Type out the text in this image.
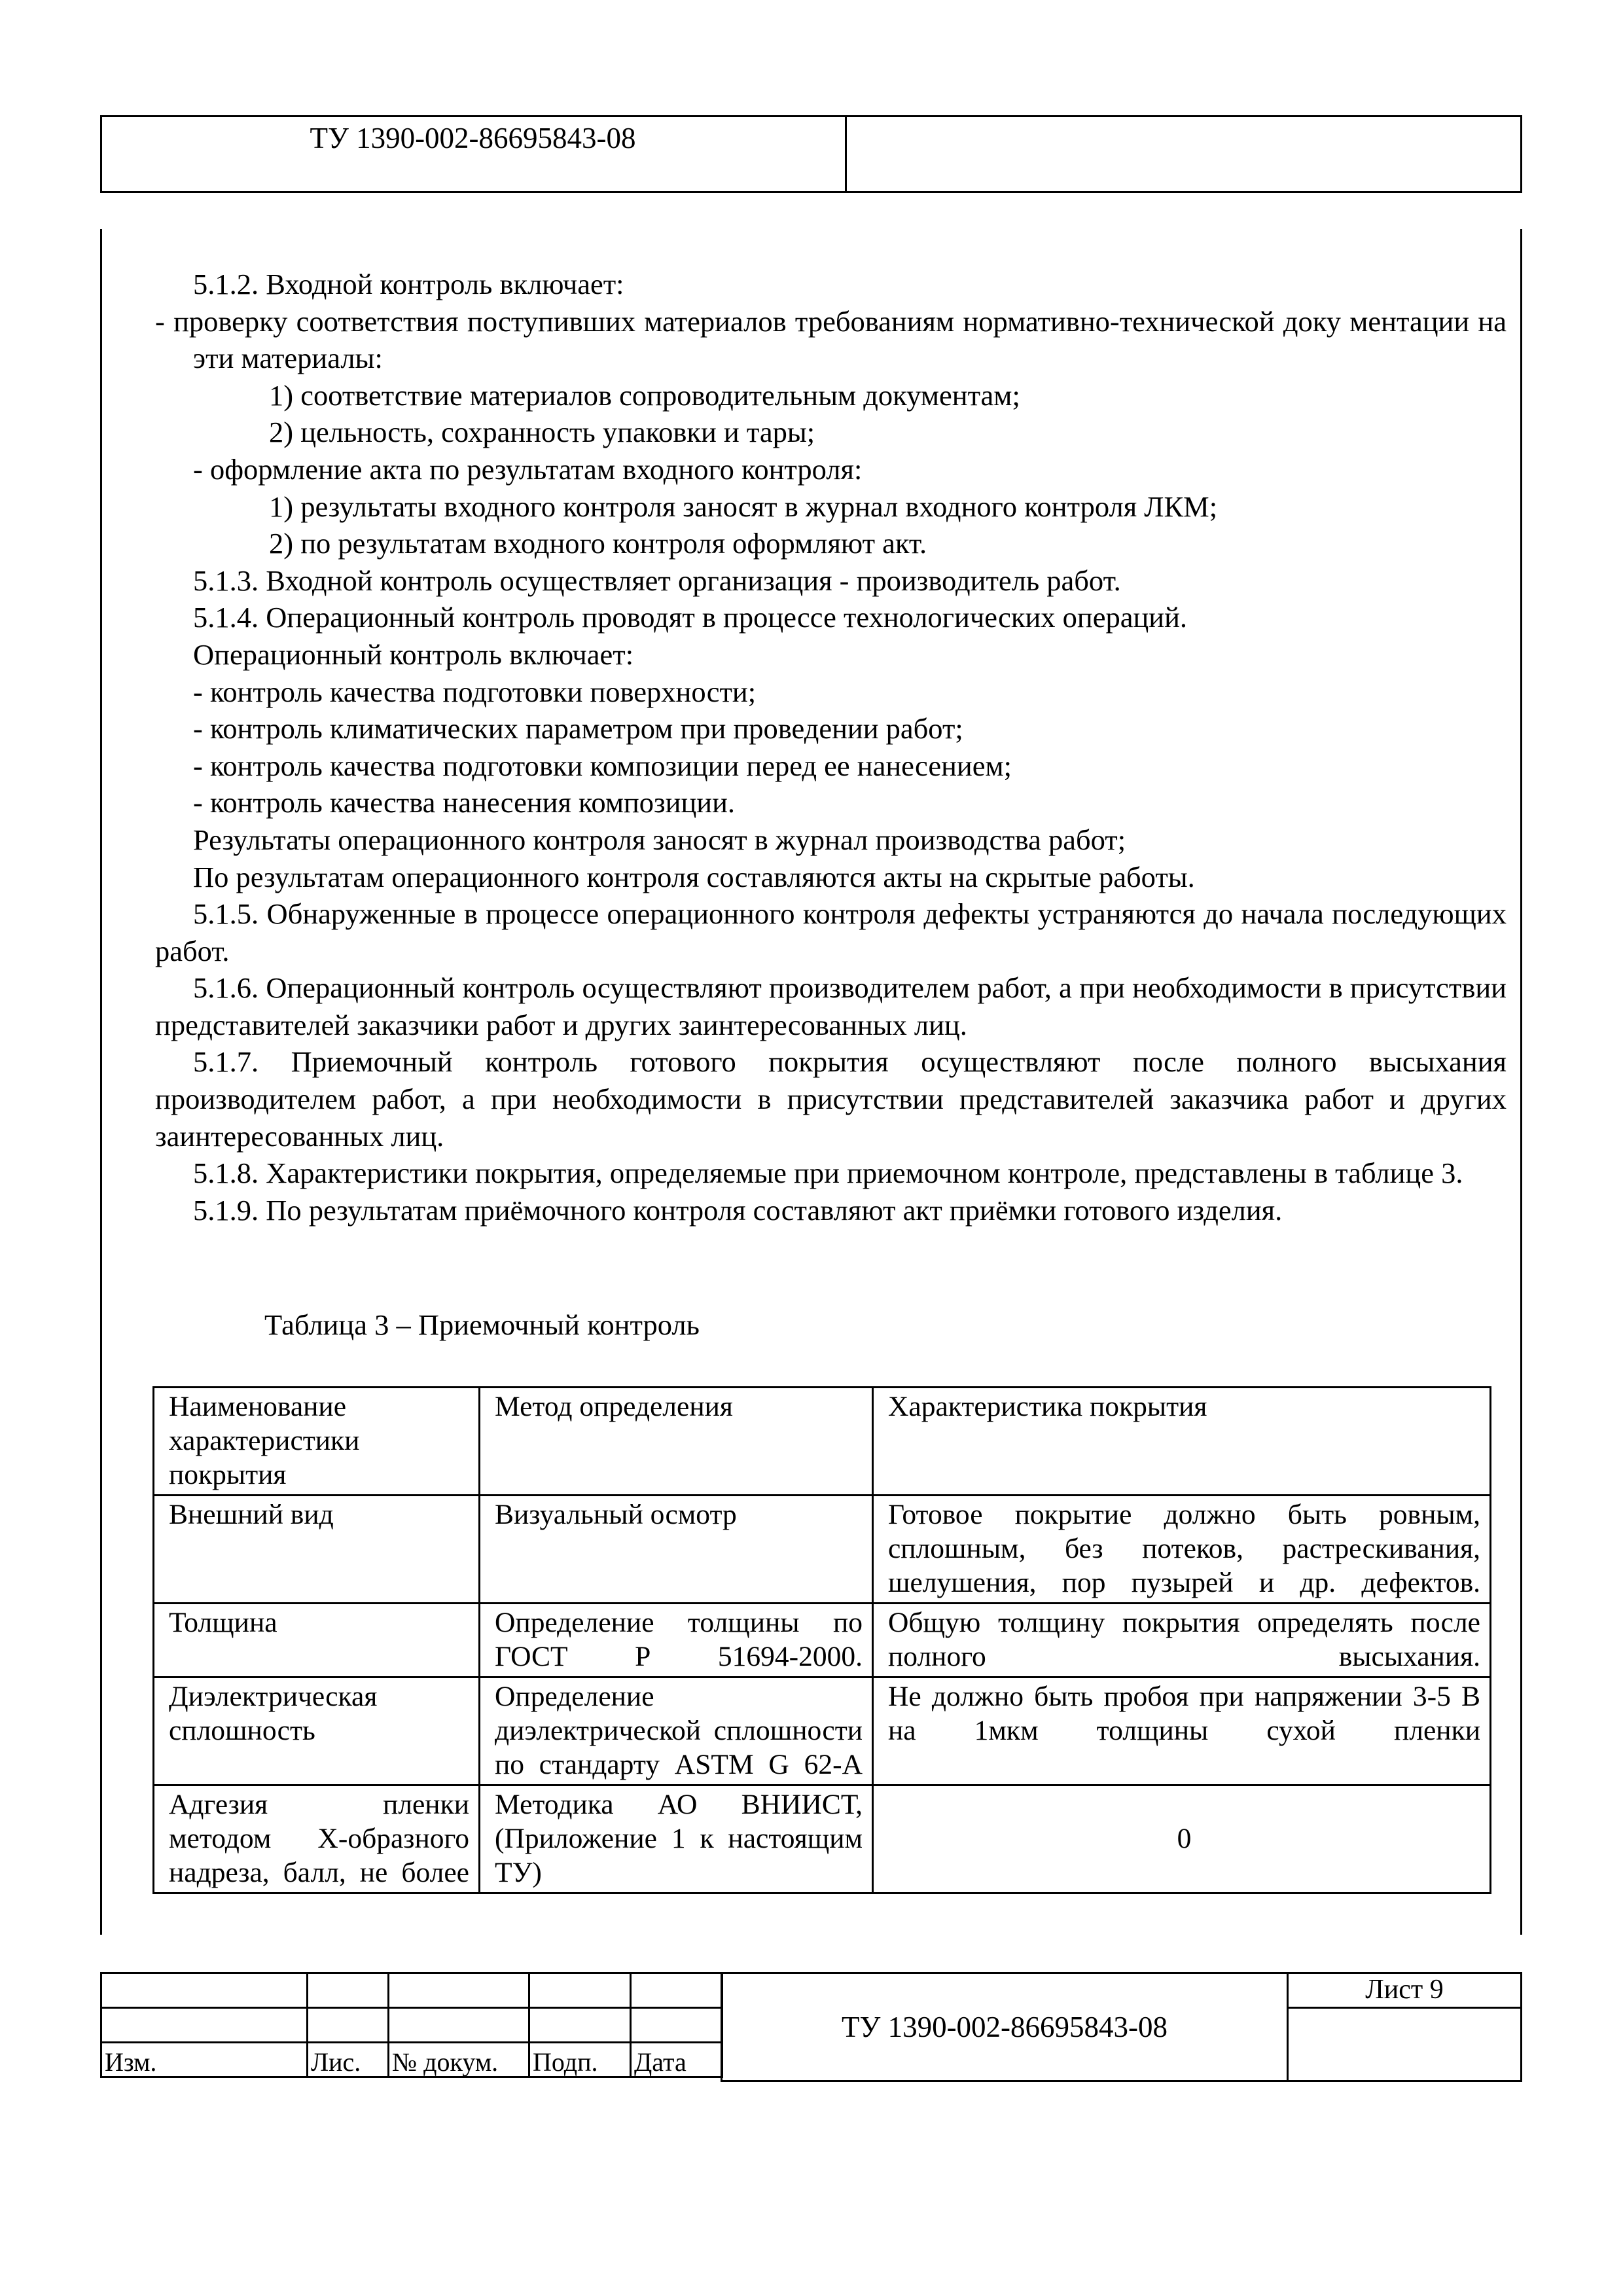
ТУ 1390-002-86695843-08

5.1.2. Входной контроль включает:

- проверку соответствия поступивших материалов требованиям нормативно-технической доку ментации на эти материалы:

1) соответствие материалов сопроводительным документам;

2) цельность, сохранность упаковки и тары;

- оформление акта по результатам входного контроля:

1) результаты входного контроля заносят в журнал входного контроля ЛКМ;

2) по результатам входного контроля оформляют акт.

5.1.3. Входной контроль осуществляет организация - производитель работ.

5.1.4. Операционный контроль проводят в процессе технологических операций.

Операционный контроль включает:

- контроль качества подготовки поверхности;

- контроль климатических параметром при проведении работ;

- контроль качества подготовки композиции перед ее нанесением;

- контроль качества нанесения композиции.

Результаты операционного контроля заносят в журнал производства работ;

По результатам операционного контроля составляются акты на скрытые работы.

5.1.5. Обнаруженные в процессе операционного контроля дефекты устраняются до начала последующих работ.

5.1.6. Операционный контроль осуществляют производителем работ, а при необходимости в присутствии представителей заказчики работ и других заинтересованных лиц.

5.1.7. Приемочный контроль готового покрытия осуществляют после полного высыхания производителем работ, а при необходимости в присутствии представителей заказчика работ и других заинтересованных лиц.

5.1.8. Характеристики покрытия, определяемые при приемочном контроле, представлены в таблице 3.

5.1.9. По результатам приёмочного контроля составляют акт приёмки готового изделия.

Таблица 3 – Приемочный контроль
Наименование характеристики покрытия	Метод определения	Характеристика покрытия
Внешний вид	Визуальный осмотр	Готовое покрытие должно быть ровным, сплошным, без потеков, растрескивания, шелушения, пор пузырей и др. дефектов.
Толщина	Определение толщины по ГОСТ Р 51694-2000.	Общую толщину покрытия определять после полного высыхания.
Диэлектрическая сплошность	Определение диэлектрической сплошности по стандарту ASTM G 62-A	Не должно быть пробоя при напряжении 3-5 В на 1мкм толщины сухой пленки
Адгезия пленки методом Х-образного надреза, балл, не более	Методика АО ВНИИСТ, (Приложение 1 к настоящим ТУ)	0

Изм.	Лис.	№ докум.	Подп.	Дата
ТУ 1390-002-86695843-08
Лист 9
